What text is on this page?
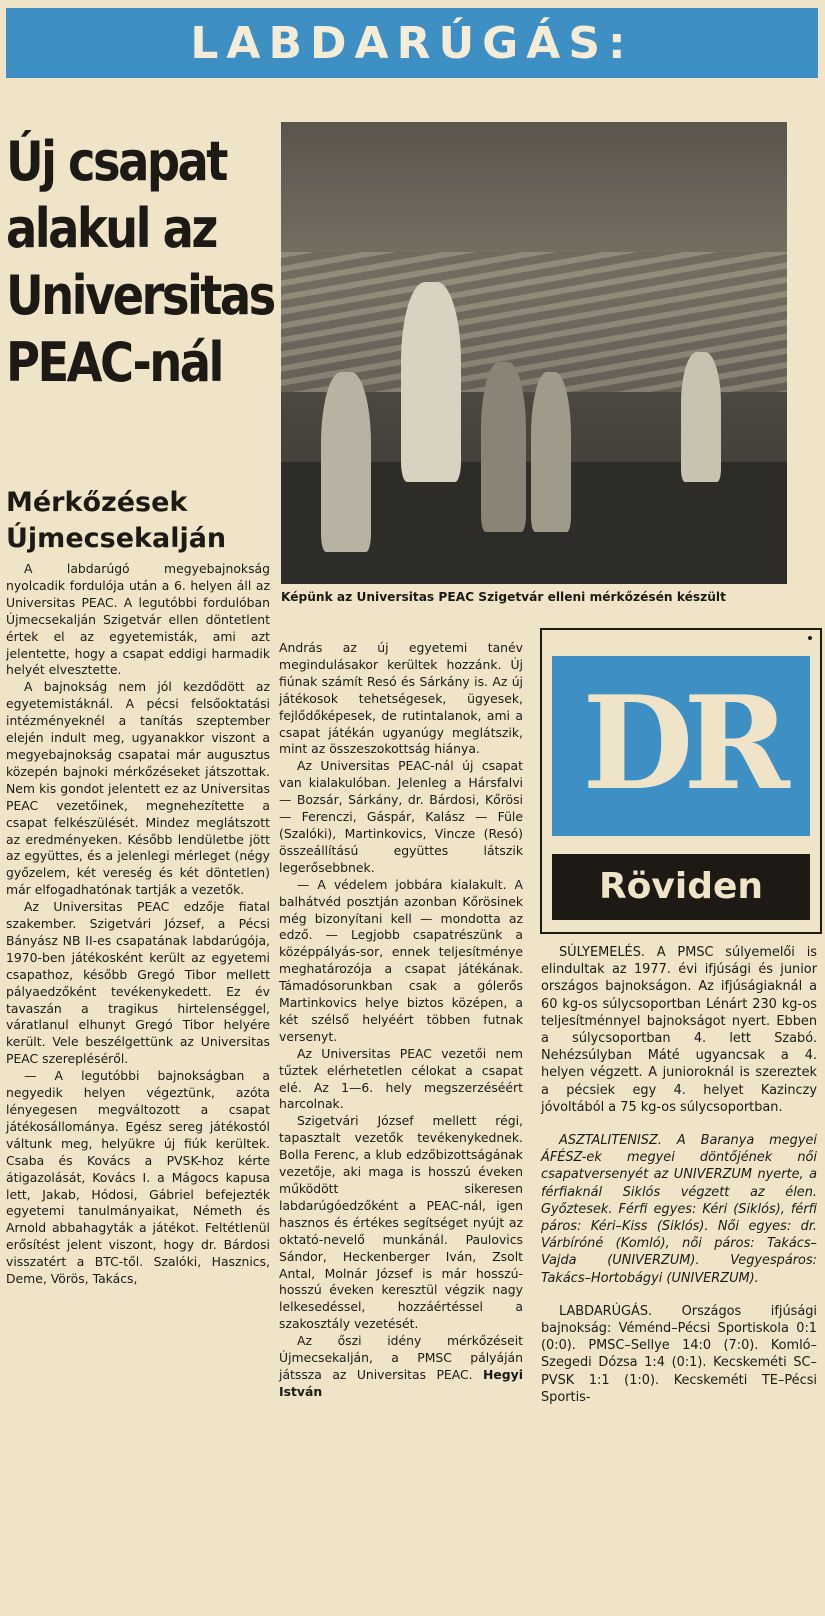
LABDARÚGÁS:
Új csapat
alakul az
Universitas
PEAC-nál
Mérkőzések
Újmecsekalján
Képünk az Universitas PEAC Szigetvár elleni mérkőzésén készült

A labdarúgó megyebajnokság nyolcadik fordulója után a 6. helyen áll az Universitas PEAC. A legutóbbi fordulóban Újmecsekalján Szigetvár ellen döntetlent értek el az egyetemisták, ami azt jelentette, hogy a csapat eddigi harmadik helyét elvesztette.

A bajnokság nem jól kezdődött az egyetemistáknál. A pécsi felsőoktatási intézményeknél a tanítás szeptember elején indult meg, ugyanakkor viszont a megyebajnokság csapatai már augusztus közepén bajnoki mérkőzéseket játszottak. Nem kis gondot jelentett ez az Universitas PEAC vezetőinek, megnehezítette a csapat felkészülését. Mindez meglátszott az eredményeken. Később lendületbe jött az együttes, és a jelenlegi mérleget (négy győzelem, két vereség és két döntetlen) már elfogadhatónak tartják a vezetők.

Az Universitas PEAC edzője fiatal szakember. Szigetvári József, a Pécsi Bányász NB II-es csapatának labdarúgója, 1970-ben játékosként került az egyetemi csapathoz, később Gregó Tibor mellett pályaedzőként tevékenykedett. Ez év tavaszán a tragikus hirtelenséggel, váratlanul elhunyt Gregó Tibor helyére került. Vele beszélgettünk az Universitas PEAC szerepléséről.

— A legutóbbi bajnokságban a negyedik helyen végeztünk, azóta lényegesen megváltozott a csapat játékosállománya. Egész sereg játékostól váltunk meg, helyükre új fiúk kerültek. Csaba és Kovács a PVSK-hoz kérte átigazolását, Kovács I. a Mágocs kapusa lett, Jakab, Hódosi, Gábriel befejezték egyetemi tanulmányaikat, Németh és Arnold abbahagyták a játékot. Feltétlenül erősítést jelent viszont, hogy dr. Bárdosi visszatért a BTC-től. Szalóki, Hasznics, Deme, Vörös, Takács,

András az új egyetemi tanév megindulásakor kerültek hozzánk. Új fiúnak számít Resó és Sárkány is. Az új játékosok tehetségesek, ügyesek, fejlődőképesek, de rutintalanok, ami a csapat játékán ugyanúgy meglátszik, mint az összeszokottság hiánya.

Az Universitas PEAC-nál új csapat van kialakulóban. Jelenleg a Hársfalvi — Bozsár, Sárkány, dr. Bárdosi, Kőrösi — Ferenczi, Gáspár, Kalász — Füle (Szalóki), Martinkovics, Vincze (Resó) összeállítású együttes látszik legerősebbnek.

— A védelem jobbára kialakult. A balhátvéd posztján azonban Kőrösinek még bizonyítani kell — mondotta az edző. — Legjobb csapatrészünk a középpályás-sor, ennek teljesítménye meghatározója a csapat játékának. Támadósorunkban csak a gólerős Martinkovics helye biztos középen, a két szélső helyéért többen futnak versenyt.

Az Universitas PEAC vezetői nem tűztek elérhetetlen célokat a csapat elé. Az 1—6. hely megszerzéséért harcolnak.

Szigetvári József mellett régi, tapasztalt vezetők tevékenykednek. Bolla Ferenc, a klub edzőbizottságának vezetője, aki maga is hosszú éveken működött sikeresen labdarúgóedzőként a PEAC-nál, igen hasznos és értékes segítséget nyújt az oktató-nevelő munkánál. Paulovics Sándor, Heckenberger Iván, Zsolt Antal, Molnár József is már hosszú-hosszú éveken keresztül végzik nagy lelkesedéssel, hozzáértéssel a szakosztály vezetését.

Az őszi idény mérkőzéseit Újmecsekalján, a PMSC pályáján játssza az Universitas PEAC. Hegyi István

DR
Röviden

SÚLYEMELÉS. A PMSC súlyemelői is elindultak az 1977. évi ifjúsági és junior országos bajnokságon. Az ifjúságiaknál a 60 kg-os súlycsoportban Lénárt 230 kg-os teljesítménnyel bajnokságot nyert. Ebben a súlycsoportban 4. lett Szabó. Nehézsúlyban Máté ugyancsak a 4. helyen végzett. A junioroknál is szereztek a pécsiek egy 4. helyet Kazinczy jóvoltából a 75 kg-os súlycsoportban.

ASZTALITENISZ. A Baranya megyei ÁFÉSZ-ek megyei döntőjének női csapatversenyét az UNIVERZUM nyerte, a férfiaknál Siklós végzett az élen. Győztesek. Férfi egyes: Kéri (Siklós), férfi páros: Kéri–Kiss (Siklós). Női egyes: dr. Várbíróné (Komló), női páros: Takács–Vajda (UNIVERZUM). Vegyespáros: Takács–Hortobágyi (UNIVERZUM).

LABDARÚGÁS. Országos ifjúsági bajnokság: Véménd–Pécsi Sportiskola 0:1 (0:0). PMSC–Sellye 14:0 (7:0). Komló–Szegedi Dózsa 1:4 (0:1). Kecskeméti SC–PVSK 1:1 (1:0). Kecskeméti TE–Pécsi Sportis-
